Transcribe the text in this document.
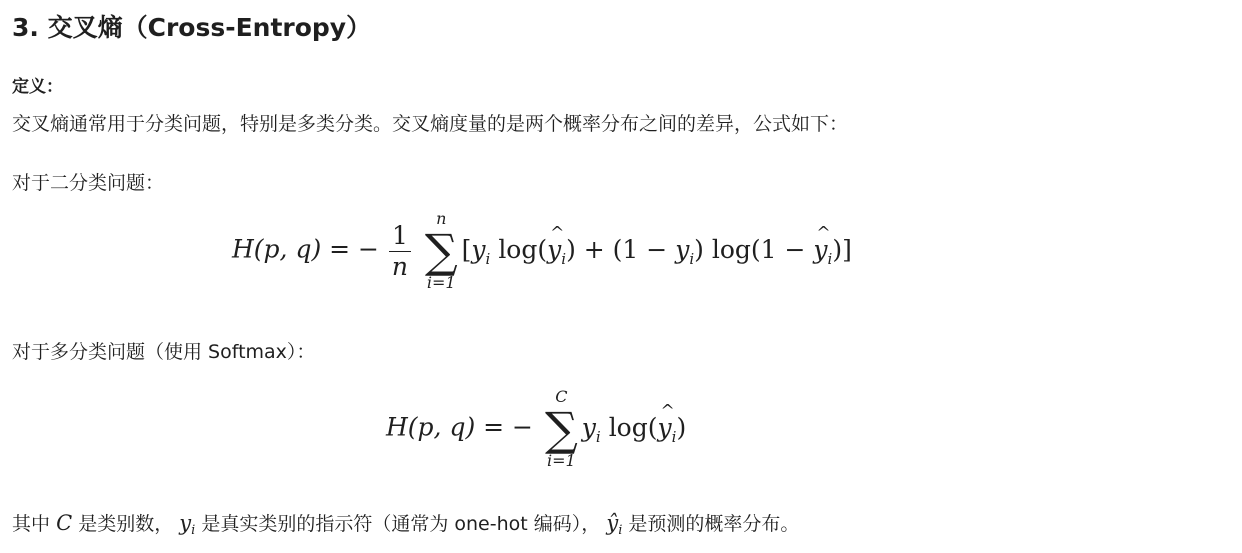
3. 交叉熵（Cross-Entropy）
定义：
交叉熵通常用于分类问题，特别是多类分类。交叉熵度量的是两个概率分布之间的差异，公式如下：
对于二分类问题：
H(p, q) = − $\frac{1}{n}$

n
∑
i=1
[$y_i$ log(^ $y_i) + (1 - y_i)$ log(1 − ^ $y_i$)]
对于多分类问题（使用 Softmax）：
H(p, q) = −
C
∑
i=1
$y_i$ log(^ $y_i$)
其中 C 是类别数， yi 是真实类别的指示符（通常为 one-hot 编码）， ŷi 是预测的概率分布。
